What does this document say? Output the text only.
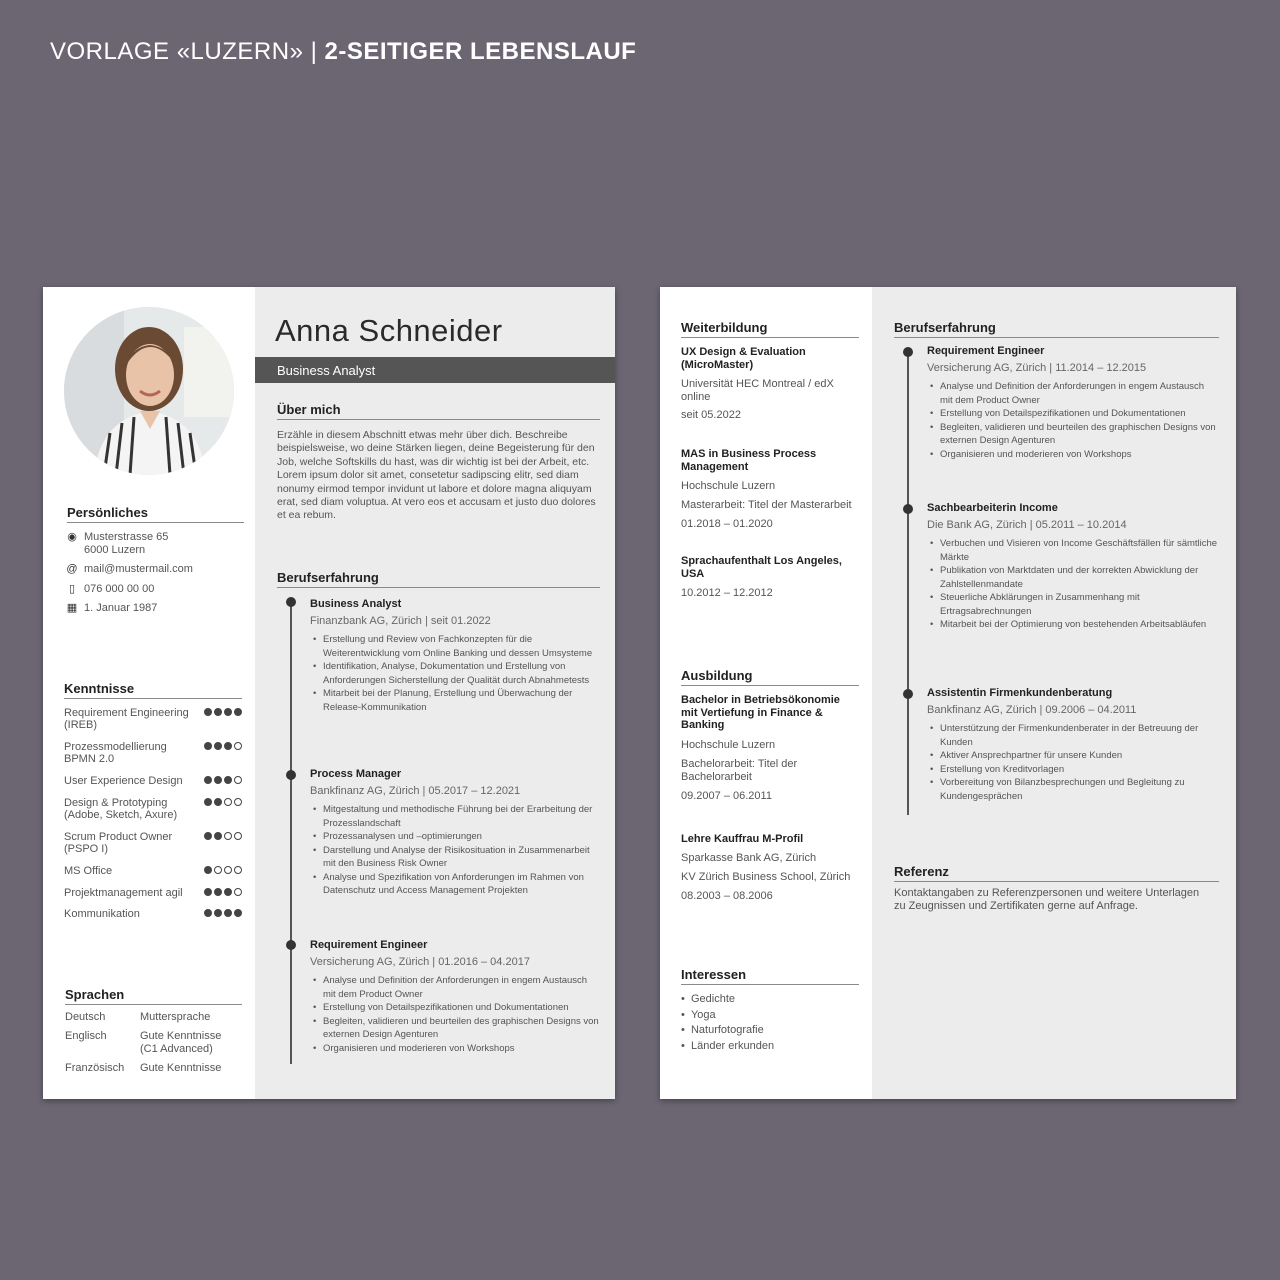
VORLAGE «LUZERN» | 2-SEITIGER LEBENSLAUF
Persönliches
◉ Musterstrasse 65
6000 Luzern
@ mail@mustermail.com
▯ 076 000 00 00
▦ 1. Januar 1987
Kenntnisse
Requirement Engineering (IREB)
Prozessmodellierung BPMN 2.0
User Experience Design
Design & Prototyping (Adobe, Sketch, Axure)
Scrum Product Owner (PSPO I)
MS Office
Projektmanagement agil
Kommunikation
Sprachen
Deutsch	Muttersprache
Englisch	Gute Kenntnisse
(C1 Advanced)
Französisch	Gute Kenntnisse
Anna Schneider
Business Analyst
Über mich
Erzähle in diesem Abschnitt etwas mehr über dich. Beschreibe beispielsweise, wo deine Stärken liegen, deine Begeisterung für den Job, welche Softskills du hast, was dir wichtig ist bei der Arbeit, etc.
Lorem ipsum dolor sit amet, consetetur sadipscing elitr, sed diam nonumy eirmod tempor invidunt ut labore et dolore magna aliquyam erat, sed diam voluptua. At vero eos et accusam et justo duo dolores et ea rebum.
Berufserfahrung
Business Analyst
Finanzbank AG, Zürich | seit 01.2022
• Erstellung und Review von Fachkonzepten für die Weiterentwicklung vom Online Banking und dessen Umsysteme
• Identifikation, Analyse, Dokumentation und Erstellung von Anforderungen Sicherstellung der Qualität durch Abnahmetests
• Mitarbeit bei der Planung, Erstellung und Überwachung der Release-Kommunikation
Process Manager
Bankfinanz AG, Zürich | 05.2017 – 12.2021
• Mitgestaltung und methodische Führung bei der Erarbeitung der Prozesslandschaft
• Prozessanalysen und –optimierungen
• Darstellung und Analyse der Risikosituation in Zusammenarbeit mit den Business Risk Owner
• Analyse und Spezifikation von Anforderungen im Rahmen von Datenschutz und Access Management Projekten
Requirement Engineer
Versicherung AG, Zürich | 01.2016 – 04.2017
• Analyse und Definition der Anforderungen in engem Austausch mit dem Product Owner
• Erstellung von Detailspezifikationen und Dokumentationen
• Begleiten, validieren und beurteilen des graphischen Designs von externen Design Agenturen
• Organisieren und moderieren von Workshops
Weiterbildung
UX Design & Evaluation (MicroMaster)
Universität HEC Montreal / edX online
seit 05.2022
MAS in Business Process Management
Hochschule Luzern
Masterarbeit: Titel der Masterarbeit
01.2018 – 01.2020
Sprachaufenthalt Los Angeles, USA
10.2012 – 12.2012
Ausbildung
Bachelor in Betriebsökonomie mit Vertiefung in Finance & Banking
Hochschule Luzern
Bachelorarbeit: Titel der Bachelorarbeit
09.2007 – 06.2011
Lehre Kauffrau M-Profil
Sparkasse Bank AG, Zürich
KV Zürich Business School, Zürich
08.2003 – 08.2006
Interessen
•  Gedichte
•  Yoga
•  Naturfotografie
•  Länder erkunden
Berufserfahrung
Requirement Engineer
Versicherung AG, Zürich | 11.2014 – 12.2015
• Analyse und Definition der Anforderungen in engem Austausch mit dem Product Owner
• Erstellung von Detailspezifikationen und Dokumentationen
• Begleiten, validieren und beurteilen des graphischen Designs von externen Design Agenturen
• Organisieren und moderieren von Workshops
Sachbearbeiterin Income
Die Bank AG, Zürich | 05.2011 – 10.2014
• Verbuchen und Visieren von Income Geschäftsfällen für sämtliche Märkte
• Publikation von Marktdaten und der korrekten Abwicklung der Zahlstellenmandate
• Steuerliche Abklärungen in Zusammenhang mit Ertragsabrechnungen
• Mitarbeit bei der Optimierung von bestehenden Arbeitsabläufen
Assistentin Firmenkundenberatung
Bankfinanz AG, Zürich | 09.2006 – 04.2011
• Unterstützung der Firmenkundenberater in der Betreuung der Kunden
• Aktiver Ansprechpartner für unsere Kunden
• Erstellung von Kreditvorlagen
• Vorbereitung von Bilanzbesprechungen und Begleitung zu Kundengesprächen
Referenz
Kontaktangaben zu Referenzpersonen und weitere Unterlagen zu Zeugnissen und Zertifikaten gerne auf Anfrage.
